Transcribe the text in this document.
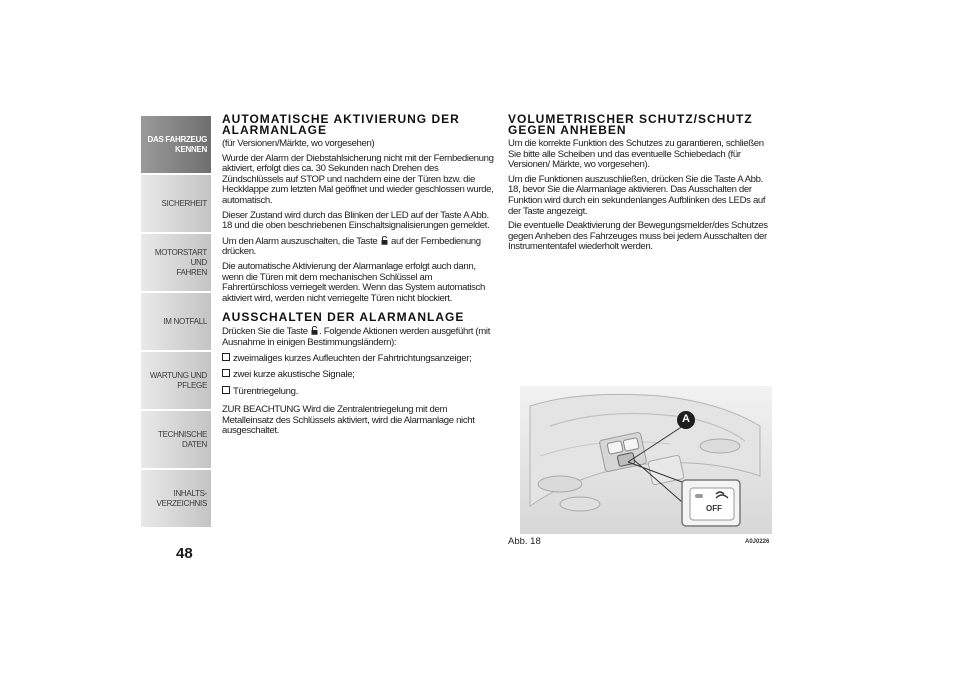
DAS FAHRZEUG
KENNEN
SICHERHEIT
MOTORSTART UND
FAHREN
IM NOTFALL
WARTUNG UND
PFLEGE
TECHNISCHE DATEN
INHALTS-
VERZEICHNIS
48
AUTOMATISCHE AKTIVIERUNG DER ALARMANLAGE

(für Versionen/Märkte, wo vorgesehen)

Wurde der Alarm der Diebstahlsicherung nicht mit der Fernbedienung aktiviert, erfolgt dies ca. 30 Sekunden nach Drehen des Zündschlüssels auf STOP und nachdem eine der Türen bzw. die Heckklappe zum letzten Mal geöffnet und wieder geschlossen wurde, automatisch.

Dieser Zustand wird durch das Blinken der LED auf der Taste A Abb. 18 und die oben beschriebenen Einschaltsignalisierungen gemeldet.

Um den Alarm auszuschalten, die Taste auf der Fernbedienung drücken.

Die automatische Aktivierung der Alarmanlage erfolgt auch dann, wenn die Türen mit dem mechanischen Schlüssel am Fahrertürschloss verriegelt werden. Wenn das System automatisch aktiviert wird, werden nicht verriegelte Türen nicht blockiert.

AUSSCHALTEN DER ALARMANLAGE

Drücken Sie die Taste . Folgende Aktionen werden ausgeführt (mit Ausnahme in einigen Bestimmungsländern):

zweimaliges kurzes Aufleuchten der Fahrtrichtungsanzeiger;
zwei kurze akustische Signale;
Türentriegelung.

ZUR BEACHTUNG Wird die Zentralentriegelung mit dem Metalleinsatz des Schlüssels aktiviert, wird die Alarmanlage nicht ausgeschaltet.

VOLUMETRISCHER SCHUTZ/SCHUTZ GEGEN ANHEBEN

Um die korrekte Funktion des Schutzes zu garantieren, schließen Sie bitte alle Scheiben und das eventuelle Schiebedach (für Versionen/ Märkte, wo vorgesehen).

Um die Funktionen auszuschließen, drücken Sie die Taste A Abb. 18, bevor Sie die Alarmanlage aktivieren. Das Ausschalten der Funktion wird durch ein sekundenlanges Aufblinken des LEDs auf der Taste angezeigt.

Die eventuelle Deaktivierung der Bewegungsmelder/des Schutzes gegen Anheben des Fahrzeuges muss bei jedem Ausschalten der Instrumententafel wiederholt werden.

A
OFF
Abb. 18	A0J0226
